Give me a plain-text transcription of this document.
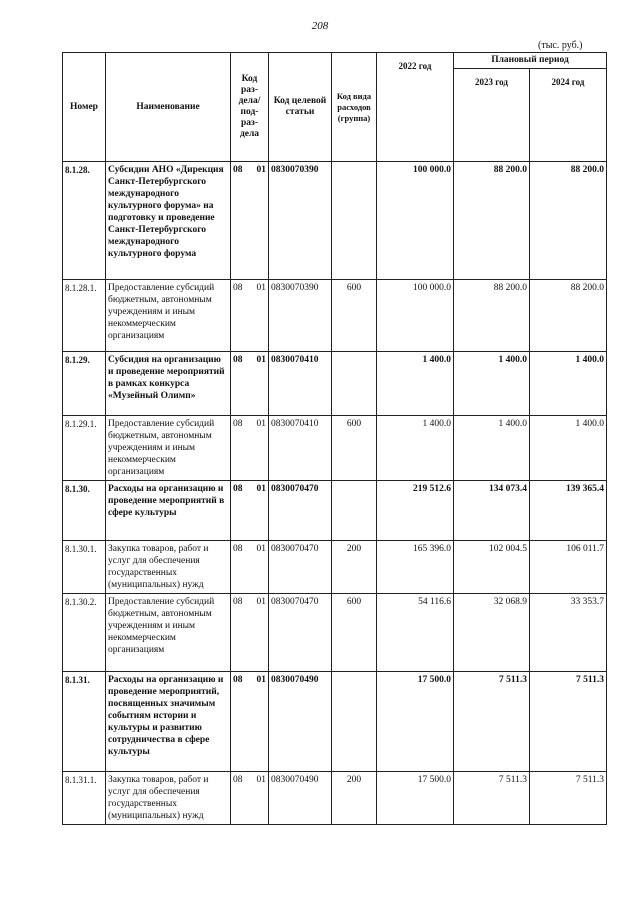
208
(тыс. руб.)
Номер	Наименование	Код раз-дела/ под-раз-дела	Код целевой статьи	Код вида расходов (группа)	2022 год	Плановый период	
						2023 год	2024 год
8.1.28.	Субсидии АНО «Дирекция Санкт-Петербургского международного культурного форума» на подготовку и проведение Санкт-Петербургского международного культурного форума	08 01	0830070390		100 000.0	88 200.0	88 200.0
8.1.28.1.	Предоставление субсидий бюджетным, автономным учреждениям и иным некоммерческим организациям	08 01	0830070390	600	100 000.0	88 200.0	88 200.0
8.1.29.	Субсидия на организацию и проведение мероприятий в рамках конкурса «Музейный Олимп»	08 01	0830070410		1 400.0	1 400.0	1 400.0
8.1.29.1.	Предоставление субсидий бюджетным, автономным учреждениям и иным некоммерческим организациям	08 01	0830070410	600	1 400.0	1 400.0	1 400.0
8.1.30.	Расходы на организацию и проведение мероприятий в сфере культуры	08 01	0830070470		219 512.6	134 073.4	139 365.4
8.1.30.1.	Закупка товаров, работ и услуг для обеспечения государственных (муниципальных) нужд	08 01	0830070470	200	165 396.0	102 004.5	106 011.7
8.1.30.2.	Предоставление субсидий бюджетным, автономным учреждениям и иным некоммерческим организациям	08 01	0830070470	600	54 116.6	32 068.9	33 353.7
8.1.31.	Расходы на организацию и проведение мероприятий, посвященных значимым событиям истории и культуры и развитию сотрудничества в сфере культуры	08 01	0830070490		17 500.0	7 511.3	7 511.3
8.1.31.1.	Закупка товаров, работ и услуг для обеспечения государственных (муниципальных) нужд	08 01	0830070490	200	17 500.0	7 511.3	7 511.3
